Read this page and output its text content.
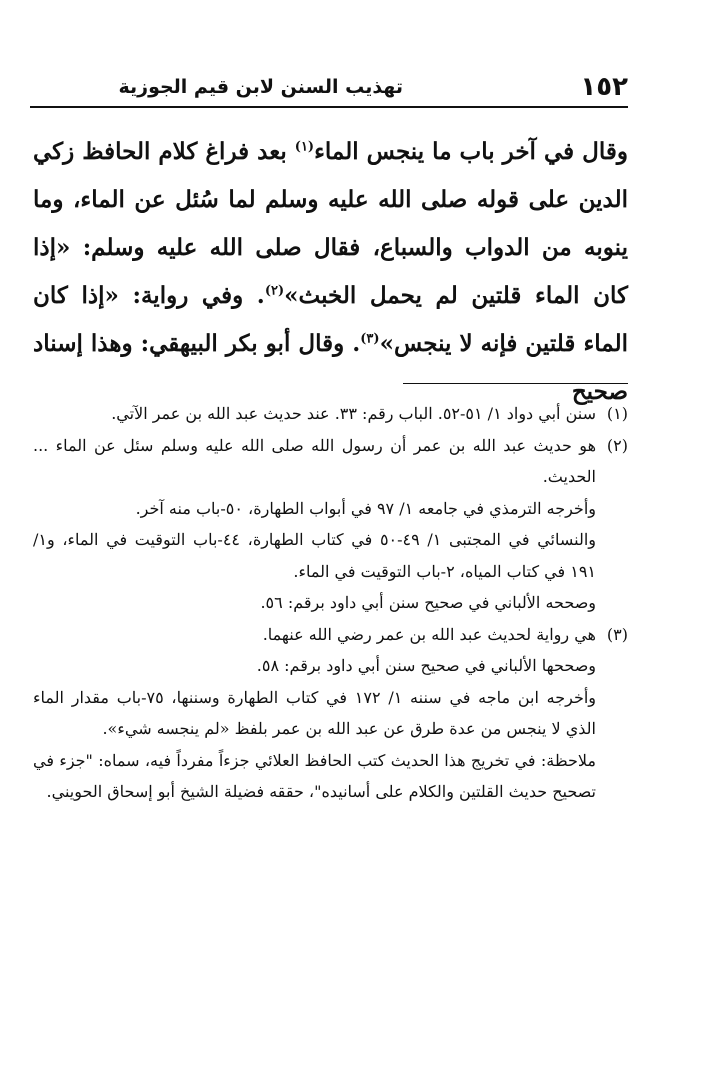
١٥٢
تهذيب السنن لابن قيم الجوزية

وقال في آخر باب ما ينجس الماء$^{(١)}$ بعد فراغ كلام الحافظ زكي الدين على قوله صلى الله عليه وسلم لما سُئل عن الماء، وما ينوبه من الدواب والسباع، فقال صلى الله عليه وسلم: «إذا كان الماء قلتين لم يحمل الخبث»$^{(٢)}$. وفي رواية: «إذا كان الماء قلتين فإنه لا ينجس»$^{(٣)}$. وقال أبو بكر البيهقي: وهذا إسناد صحيح

(١)
سنن أبي دواد ١/ ٥١-٥٢. الباب رقم: ٣٣. عند حديث عبد الله بن عمر الآتي.

(٢)
هو حديث عبد الله بن عمر أن رسول الله صلى الله عليه وسلم سئل عن الماء ... الحديث.

وأخرجه الترمذي في جامعه ١/ ٩٧ في أبواب الطهارة، ٥٠-باب منه آخر.

والنسائي في المجتبى ١/ ٤٩-٥٠ في كتاب الطهارة، ٤٤-باب التوقيت في الماء، و١/ ١٩١ في كتاب المياه، ٢-باب التوقيت في الماء.

وصححه الألباني في صحيح سنن أبي داود برقم: ٥٦.

(٣)
هي رواية لحديث عبد الله بن عمر رضي الله عنهما.

وصححها الألباني في صحيح سنن أبي داود برقم: ٥٨.

وأخرجه ابن ماجه في سننه ١/ ١٧٢ في كتاب الطهارة وسننها، ٧٥-باب مقدار الماء الذي لا ينجس من عدة طرق عن عبد الله بن عمر بلفظ «لم ينجسه شيء».

ملاحظة: في تخريج هذا الحديث كتب الحافظ العلائي جزءاً مفرداً فيه، سماه: "جزء في تصحيح حديث القلتين والكلام على أسانيده"، حققه فضيلة الشيخ أبو إسحاق الحويني.
